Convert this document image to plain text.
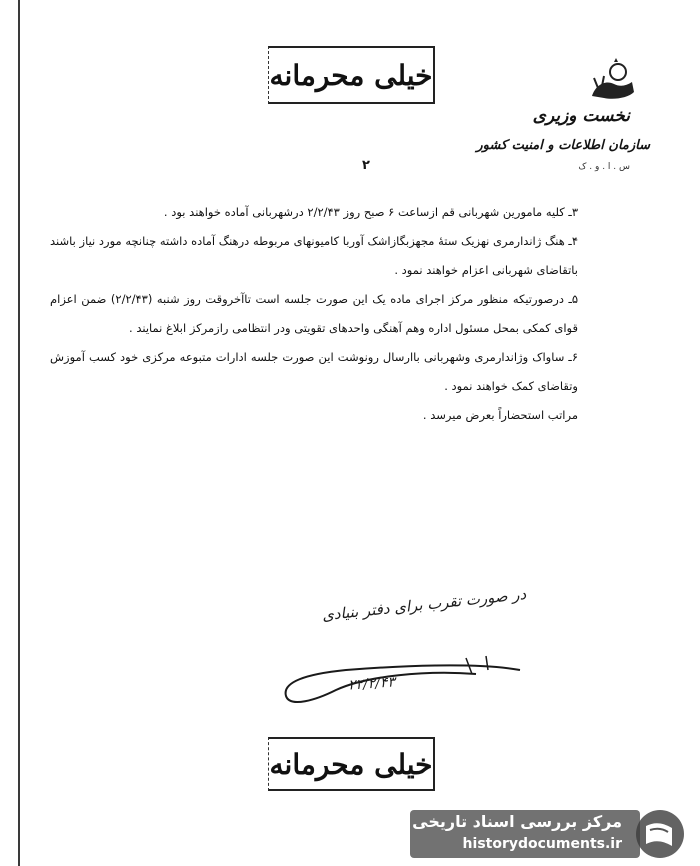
خیلی محرمانه
نخست وزیری
سازمان اطلاعات و امنیت کشور
س . ا . و . ک
۲

۳ـ کلیه مامورین شهربانی قم ازساعت ۶ صبح روز ۲/۲/۴۳ درشهربانی آماده خواهند بود .

۴ـ هنگ ژاندارمری نهزیک ستهٔ مجهزبگازاشک آوربا کامیونهای مربوطه درهنگ آماده داشته چنانچه مورد نیاز باشند باتقاضای شهربانی اعزام خواهند نمود .

۵ـ درصورتیکه منظور مرکز اجرای ماده یک این صورت جلسه است تاآخروقت روز شنبه (۲/۲/۴۳) ضمن اعزام قوای کمکی بمحل مسئول اداره وهم آهنگی واحدهای تقویتی ودر انتظامی رازمرکز ابلاغ نمایند .

۶ـ ساواک وژاندارمری وشهربانی باارسال رونوشت این صورت جلسه ادارات متبوعه مرکزی خود کسب آموزش وتقاضای کمک خواهند نمود .

مراتب استحضاراً بعرض میرسد .

در صورت تقرب برای دفتر بنیادی
۲۲/۲/۴۳
خیلی محرمانه
مرکز بررسی اسناد تاریخی
historydocuments.ir
